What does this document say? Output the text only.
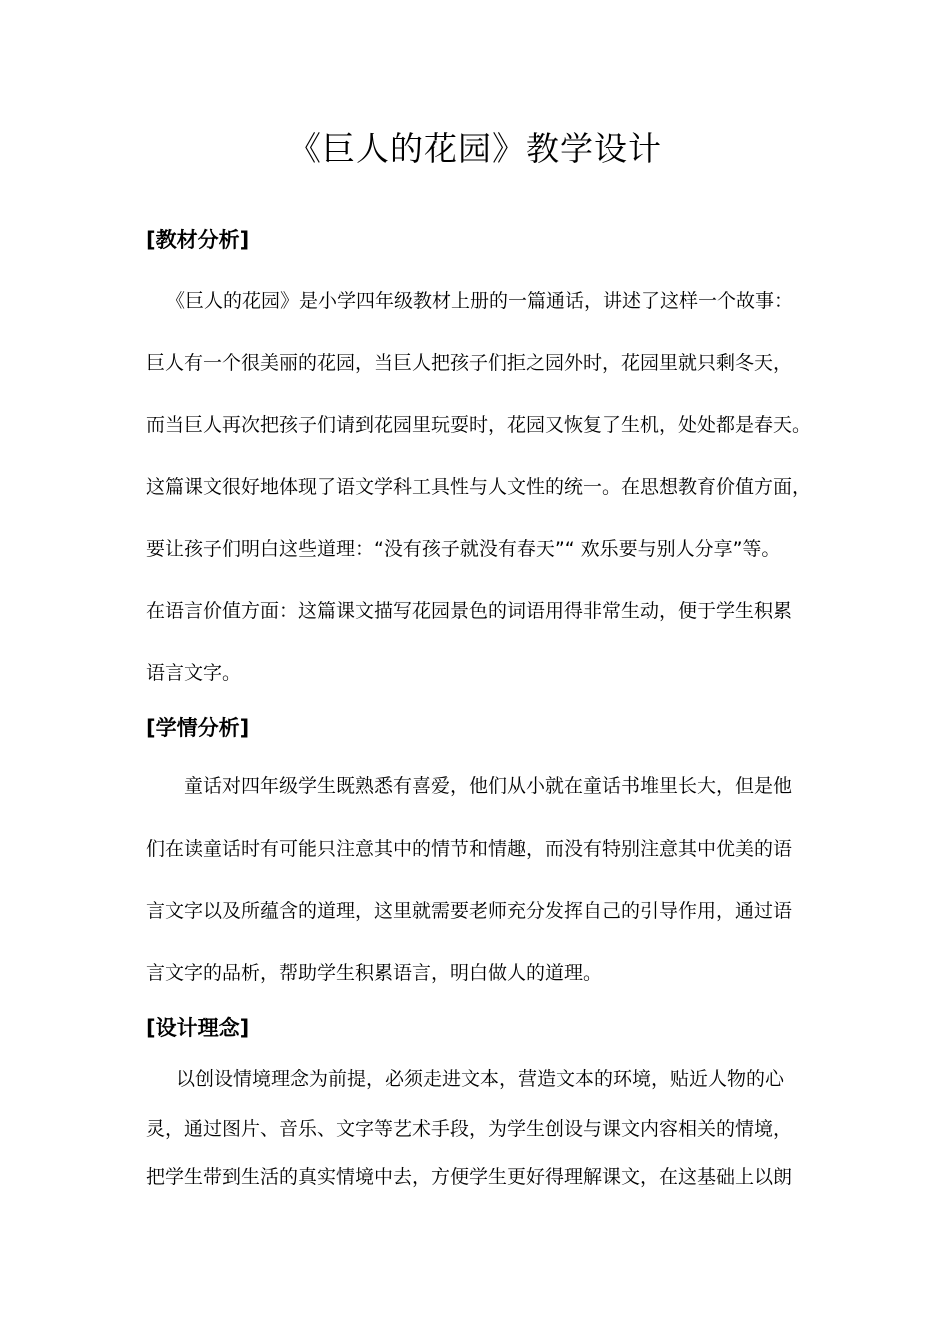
《巨人的花园》教学设计
[教材分析]
《巨人的花园》是小学四年级教材上册的一篇通话，讲述了这样一个故事：
巨人有一个很美丽的花园，当巨人把孩子们拒之园外时，花园里就只剩冬天，
而当巨人再次把孩子们请到花园里玩耍时，花园又恢复了生机，处处都是春天。
这篇课文很好地体现了语文学科工具性与人文性的统一。在思想教育价值方面，
要让孩子们明白这些道理：“没有孩子就没有春天”“ 欢乐要与别人分享”等。
在语言价值方面：这篇课文描写花园景色的词语用得非常生动，便于学生积累
语言文字。
[学情分析]
童话对四年级学生既熟悉有喜爱，他们从小就在童话书堆里长大，但是他
们在读童话时有可能只注意其中的情节和情趣，而没有特别注意其中优美的语
言文字以及所蕴含的道理，这里就需要老师充分发挥自己的引导作用，通过语
言文字的品析，帮助学生积累语言，明白做人的道理。
[设计理念]
以创设情境理念为前提，必须走进文本，营造文本的环境，贴近人物的心
灵，通过图片、音乐、文字等艺术手段，为学生创设与课文内容相关的情境，
把学生带到生活的真实情境中去，方便学生更好得理解课文，在这基础上以朗
